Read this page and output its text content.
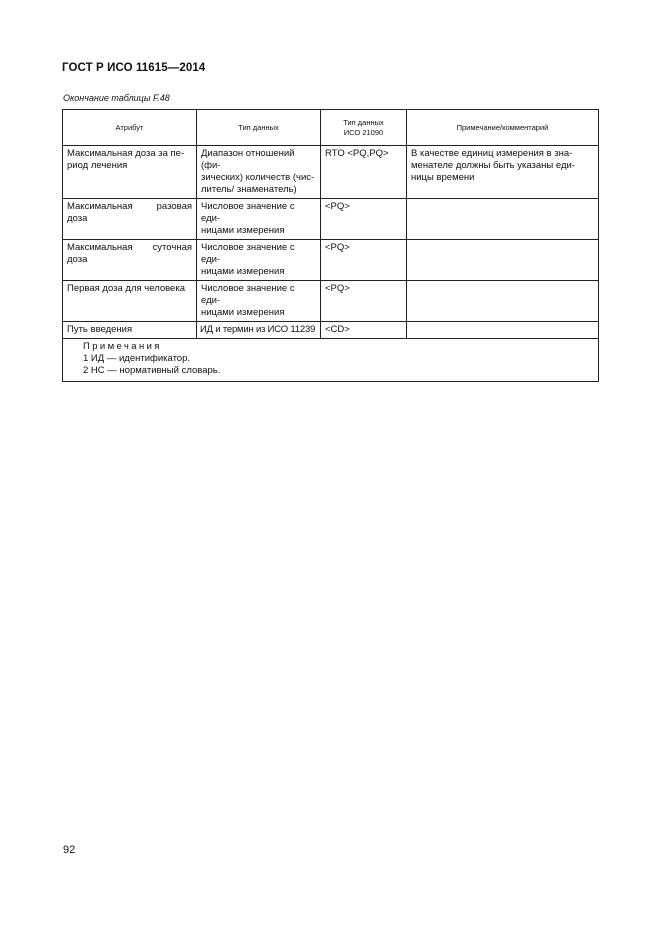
ГОСТ Р ИСО 11615—2014
Окончание таблицы F.48
Атрибут	Тип данных	Тип данных ИСО 21090	Примечание/комментарий

Максимальная доза за пе-
риод лечения	Диапазон отношений (фи-
зических) количеств (чис-
литель/ знаменатель)	RTO <PQ,PQ>	В качестве единиц измерения в зна-
менателе должны быть указаны еди-
ницы времени

Максимальная разовая
доза	Числовое значение с еди-
ницами измерения	<PQ>	

Максимальная суточная
доза	Числовое значение с еди-
ницами измерения	<PQ>	

Первая доза для человека	Числовое значение с еди-
ницами измерения	<PQ>	

Путь введения	ИД и термин из ИСО 11239	<CD>	

Примечания
1 ИД — идентификатор.
2 НС — нормативный словарь.			
92
